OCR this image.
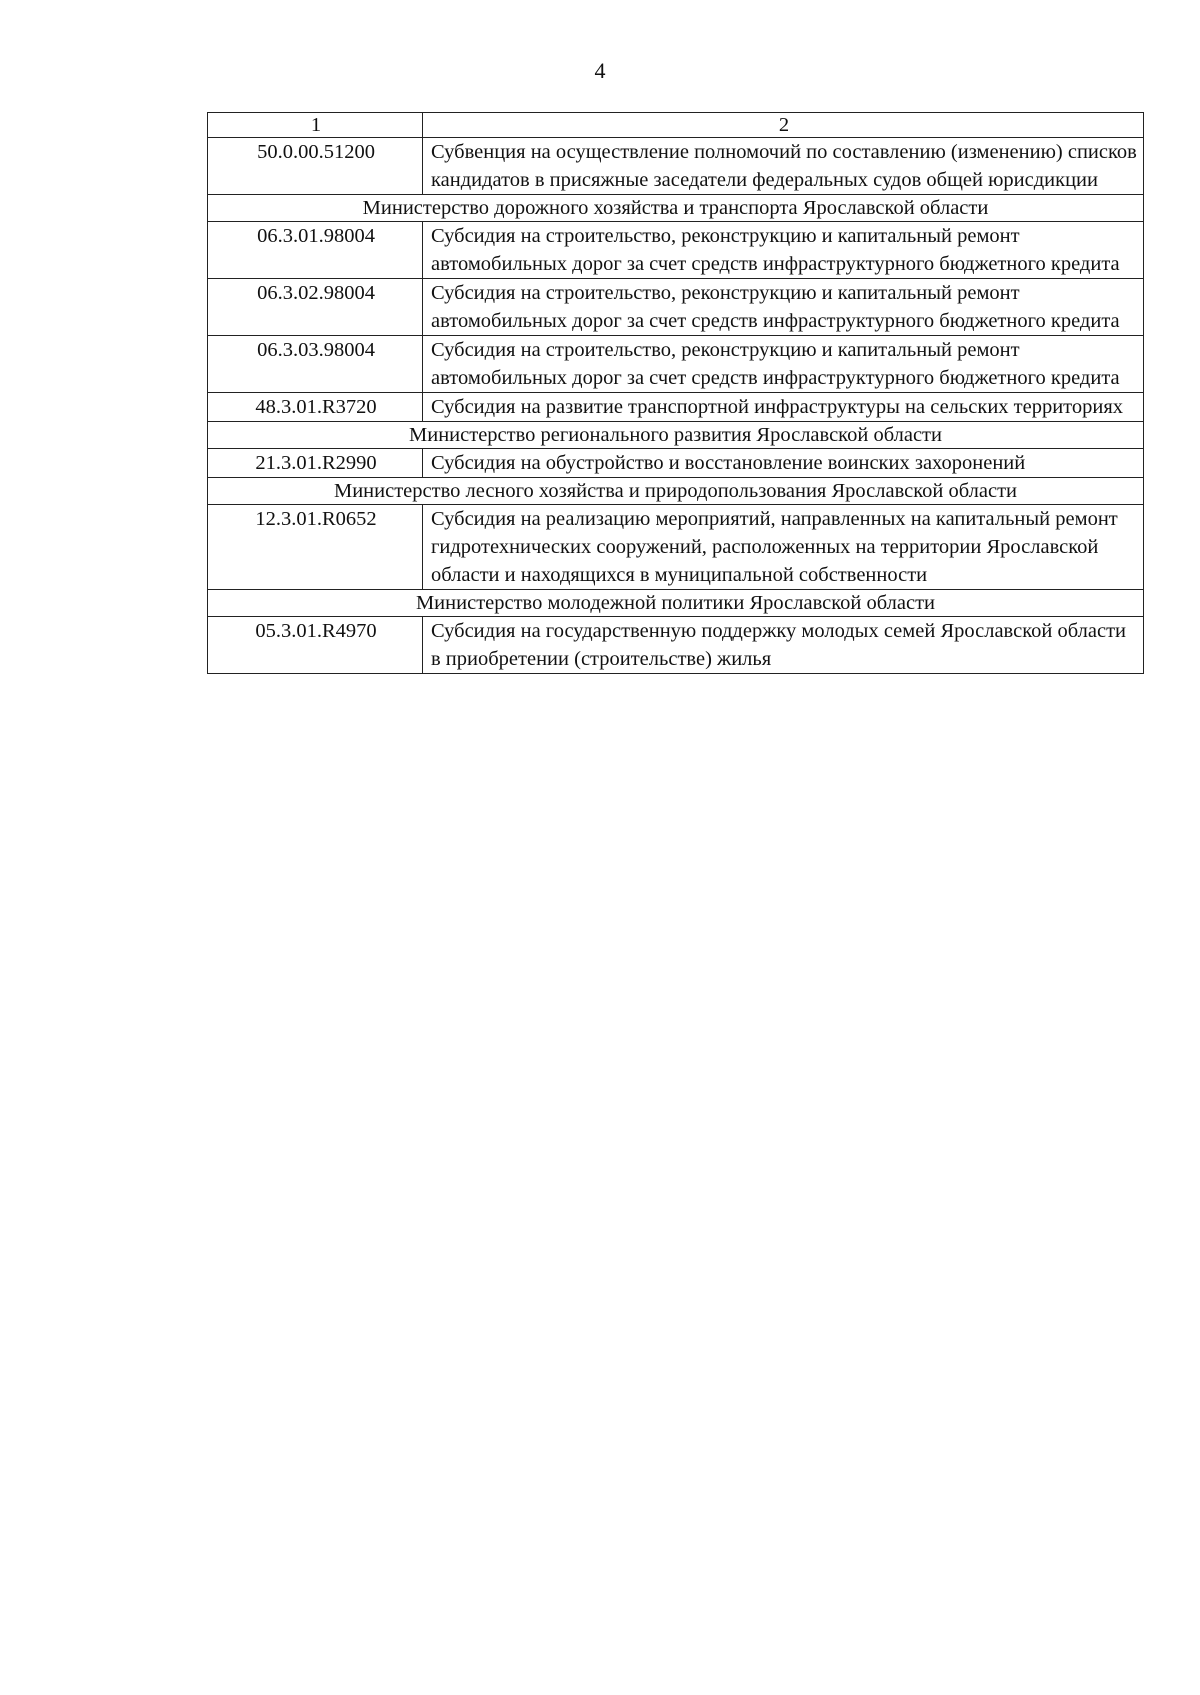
4
1	2
50.0.00.51200	Субвенция на осуществление полномочий по составлению (изменению) списков кандидатов в присяжные заседатели федеральных судов общей юрисдикции
Министерство дорожного хозяйства и транспорта Ярославской области	
06.3.01.98004	Субсидия на строительство, реконструкцию и капитальный ремонт автомобильных дорог за счет средств инфраструктурного бюджетного кредита
06.3.02.98004	Субсидия на строительство, реконструкцию и капитальный ремонт автомобильных дорог за счет средств инфраструктурного бюджетного кредита
06.3.03.98004	Субсидия на строительство, реконструкцию и капитальный ремонт автомобильных дорог за счет средств инфраструктурного бюджетного кредита
48.3.01.R3720	Субсидия на развитие транспортной инфраструктуры на сельских территориях
Министерство регионального развития Ярославской области	
21.3.01.R2990	Субсидия на обустройство и восстановление воинских захоронений
Министерство лесного хозяйства и природопользования Ярославской области	
12.3.01.R0652	Субсидия на реализацию мероприятий, направленных на капитальный ремонт гидротехнических сооружений, расположенных на территории Ярославской области и находящихся в муниципальной собственности
Министерство молодежной политики Ярославской области	
05.3.01.R4970	Субсидия на государственную поддержку молодых семей Ярославской области в приобретении (строительстве) жилья
